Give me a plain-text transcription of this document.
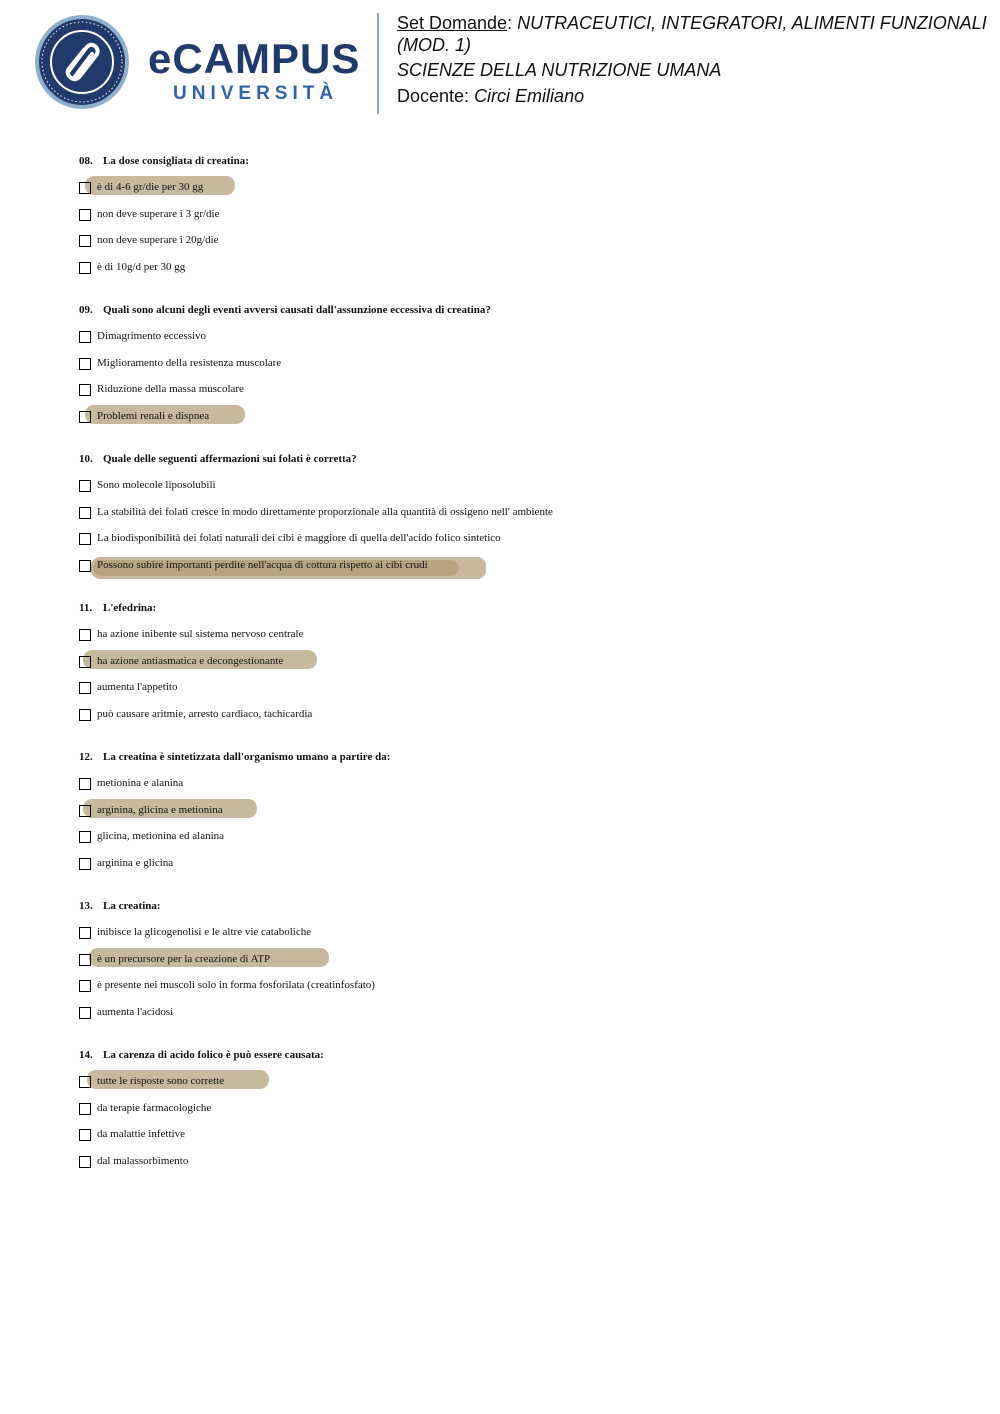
eCAMPUS
UNIVERSITÀ
Set Domande: NUTRACEUTICI, INTEGRATORI, ALIMENTI FUNZIONALI (MOD. 1)
SCIENZE DELLA NUTRIZIONE UMANA
Docente: Circi Emiliano
08. La dose consigliata di creatina:
è di 4-6 gr/die per 30 gg
non deve superare i 3 gr/die
non deve superare i 20g/die
è di 10g/d per 30 gg
09. Quali sono alcuni degli eventi avversi causati dall'assunzione eccessiva di creatina?
Dimagrimento eccessivo
Miglioramento della resistenza muscolare
Riduzione della massa muscolare
Problemi renali e dispnea
10. Quale delle seguenti affermazioni sui folati è corretta?
Sono molecole liposolubili
La stabilità dei folati cresce in modo direttamente proporzionale alla quantità di ossigeno nell' ambiente
La biodisponibilità dei folati naturali dei cibi è maggiore di quella dell'acido folico sintetico
Possono subire importanti perdite nell'acqua di cottura rispetto ai cibi crudi
11. L'efedrina:
ha azione inibente sul sistema nervoso centrale
ha azione antiasmatica e decongestionante
aumenta l'appetito
può causare aritmie, arresto cardiaco, tachicardia
12. La creatina è sintetizzata dall'organismo umano a partire da:
metionina e alanina
arginina, glicina e metionina
glicina, metionina ed alanina
arginina e glicina
13. La creatina:
inibisce la glicogenolisi e le altre vie cataboliche
è un precursore per la creazione di ATP
è presente nei muscoli solo in forma fosforilata (creatinfosfato)
aumenta l'acidosi
14. La carenza di acido folico è può essere causata:
tutte le risposte sono corrette
da terapie farmacologiche
da malattie infettive
dal malassorbimento
